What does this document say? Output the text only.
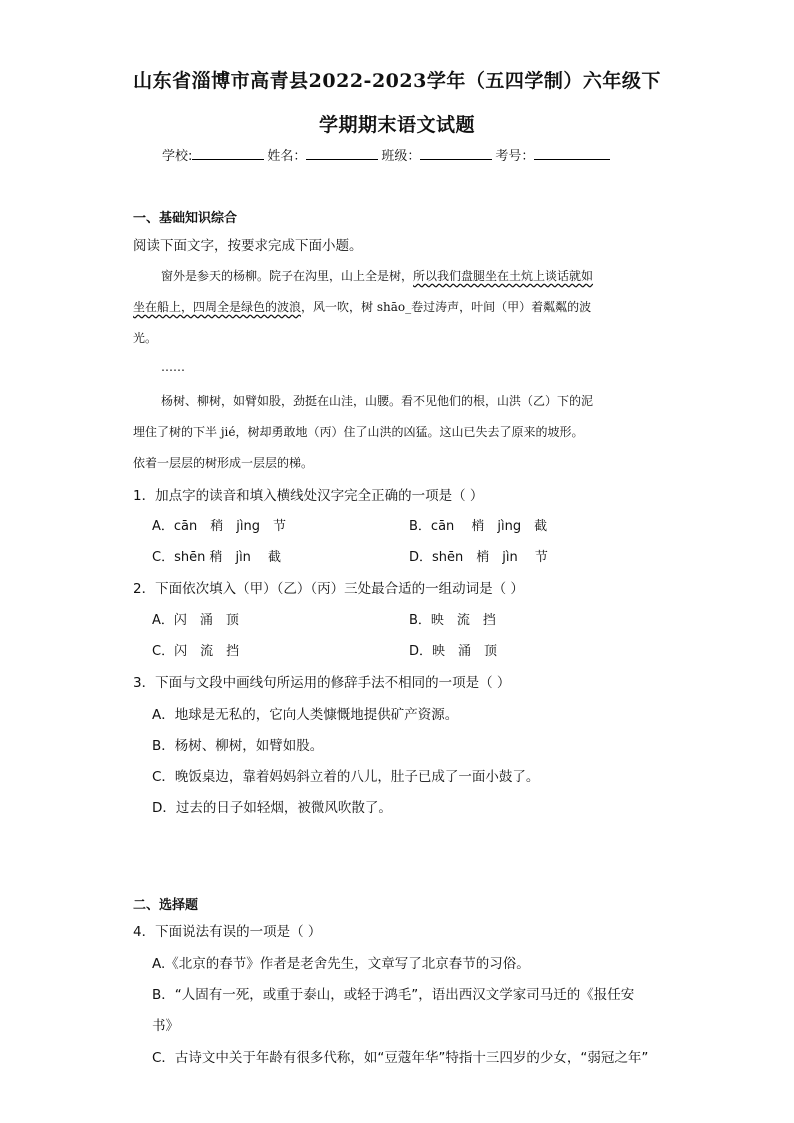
山东省淄博市高青县2022-2023学年（五四学制）六年级下
学期期末语文试题
学校:	姓名：	班级：	考号：
一、基础知识综合
阅读下面文字，按要求完成下面小题。
窗外是参天的杨柳。院子在沟里，山上全是树，所以我们盘腿坐在土炕上谈话就如
坐在船上，四周全是绿色的波浪，风一吹，树 shāo_卷过涛声，叶间（甲）着粼粼的波
光。
……
杨树、柳树，如臂如股，劲挺在山洼，山腰。看不见他们的根，山洪（乙）下的泥
埋住了树的下半 jié，树却勇敢地（丙）住了山洪的凶猛。这山已失去了原来的坡形。
依着一层层的树形成一层层的梯。
1．加点字的读音和填入横线处汉字完全正确的一项是（ ）
A．cān　稍　jìng　节	B．cān　 梢　jìng　截
C．shēn 稍　jìn　 截	D．shēn　梢　jìn　 节
2．下面依次填入（甲）（乙）（丙）三处最合适的一组动词是（ ）
A．闪　涌　顶	B．映　流　挡
C．闪　流　挡	D．映　涌　顶
3．下面与文段中画线句所运用的修辞手法不相同的一项是（ ）
A．地球是无私的，它向人类慷慨地提供矿产资源。
B．杨树、柳树，如臂如股。
C．晚饭桌边，靠着妈妈斜立着的八儿，肚子已成了一面小鼓了。
D．过去的日子如轻烟，被微风吹散了。
二、选择题
4．下面说法有误的一项是（ ）
A.《北京的春节》作者是老舍先生，文章写了北京春节的习俗。
B．“人固有一死，或重于泰山，或轻于鸿毛”，语出西汉文学家司马迁的《报任安
书》
C．古诗文中关于年龄有很多代称，如“豆蔻年华”特指十三四岁的少女，“弱冠之年”
